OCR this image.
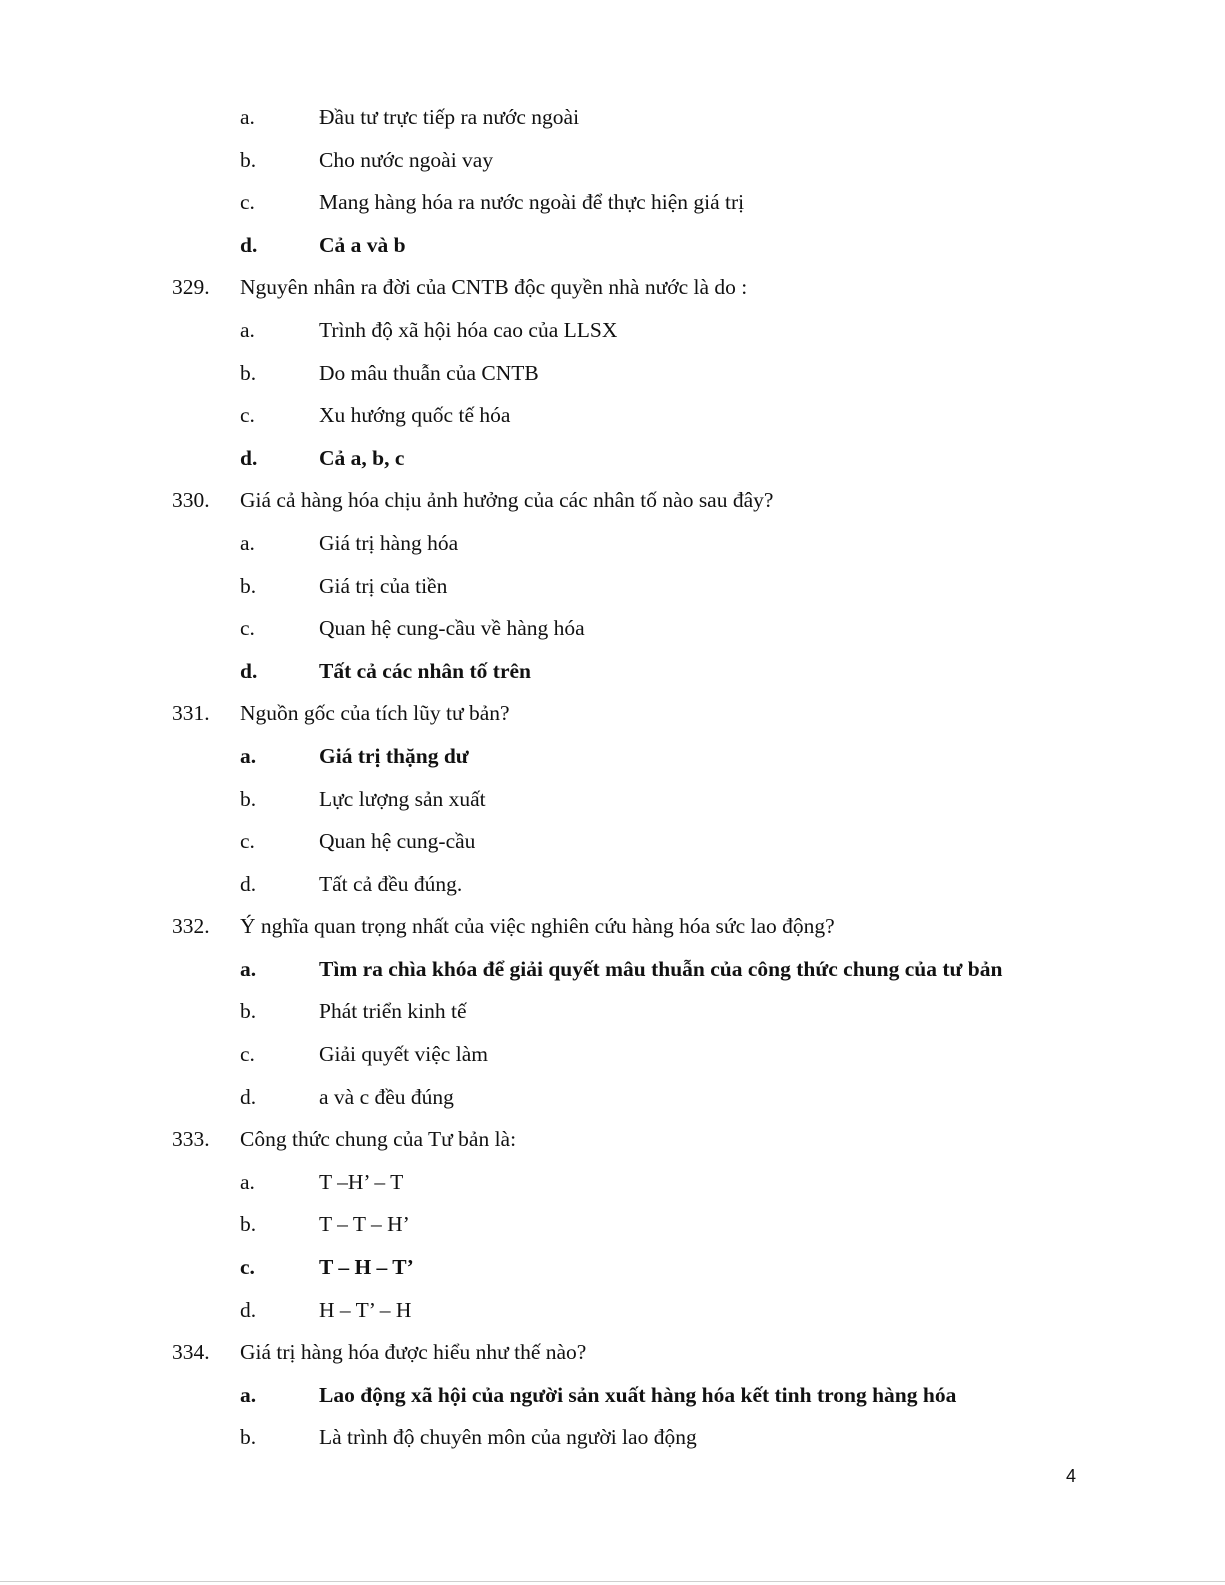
a.	Đầu tư trực tiếp ra nước ngoài
b.	Cho nước ngoài vay
c.	Mang hàng hóa ra nước ngoài để thực hiện giá trị
d.	Cả a và b
329. Nguyên nhân ra đời của CNTB độc quyền nhà nước là do :
a.	Trình độ xã hội hóa cao của LLSX
b.	Do mâu thuẫn của CNTB
c.	Xu hướng quốc tế hóa
d.	Cả a, b, c
330. Giá cả hàng hóa chịu ảnh hưởng của các nhân tố nào sau đây?
a.	Giá trị hàng hóa
b.	Giá trị của tiền
c.	Quan hệ cung-cầu về hàng hóa
d.	Tất cả các nhân tố trên
331. Nguồn gốc của tích lũy tư bản?
a.	Giá trị thặng dư
b.	Lực lượng sản xuất
c.	Quan hệ cung-cầu
d.	Tất cả đều đúng.
332. Ý nghĩa quan trọng nhất của việc nghiên cứu hàng hóa sức lao động?
a.	Tìm ra chìa khóa để giải quyết mâu thuẫn của công thức chung của tư bản
b.	Phát triển kinh tế
c.	Giải quyết việc làm
d.	a và c đều đúng
333. Công thức chung của Tư bản là:
a.	T –H’ – T
b.	T – T – H’
c.	T – H – T’
d.	H – T’ – H
334. Giá trị hàng hóa được hiểu như thế nào?
a.	Lao động xã hội của người sản xuất hàng hóa kết tinh trong hàng hóa
b.	Là trình độ chuyên môn của người lao động
4
